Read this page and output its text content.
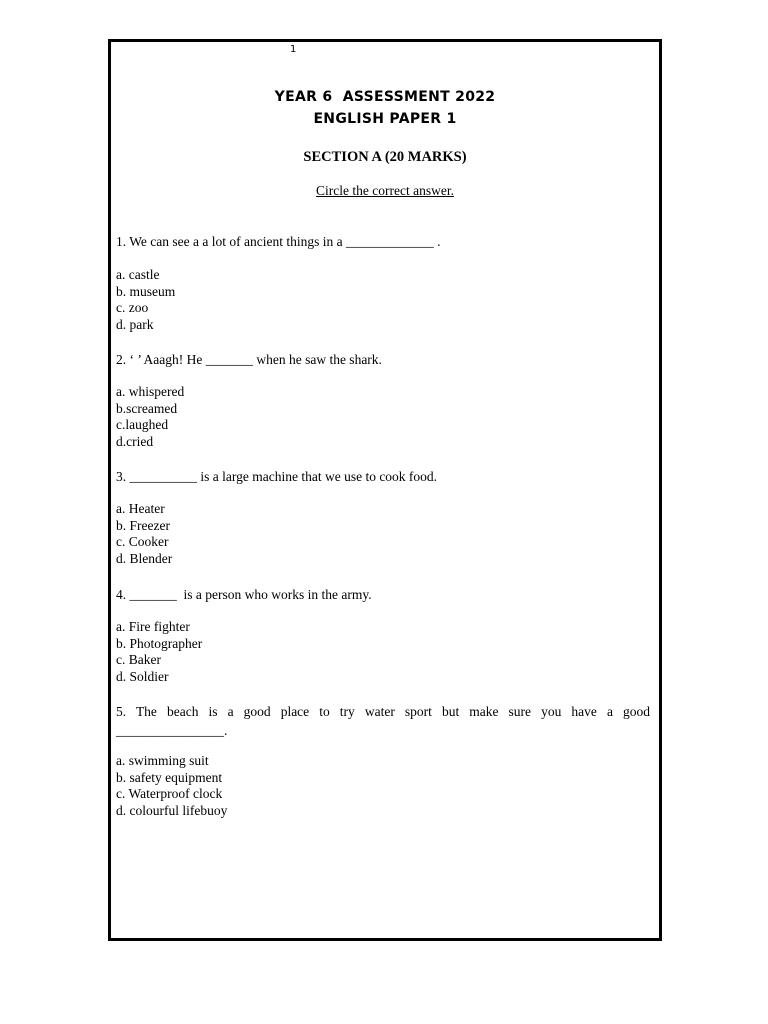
1
YEAR 6  ASSESSMENT 2022
ENGLISH PAPER 1
SECTION A (20 MARKS)
Circle the correct answer.
1. We can see a a lot of ancient things in a _____________ .
a. castle
b. museum
c. zoo
d. park
2. ‘ ’ Aaagh! He _______ when he saw the shark.
a. whispered
b.screamed
c.laughed
d.cried
3. __________ is a large machine that we use to cook food.
a. Heater
b. Freezer
c. Cooker
d. Blender
4. _______  is a person who works in the army.
a. Fire fighter
b. Photographer
c. Baker
d. Soldier
5. The beach is a good place to try water sport but make sure you have a good ________________.
a. swimming suit
b. safety equipment
c. Waterproof clock
d. colourful lifebuoy
